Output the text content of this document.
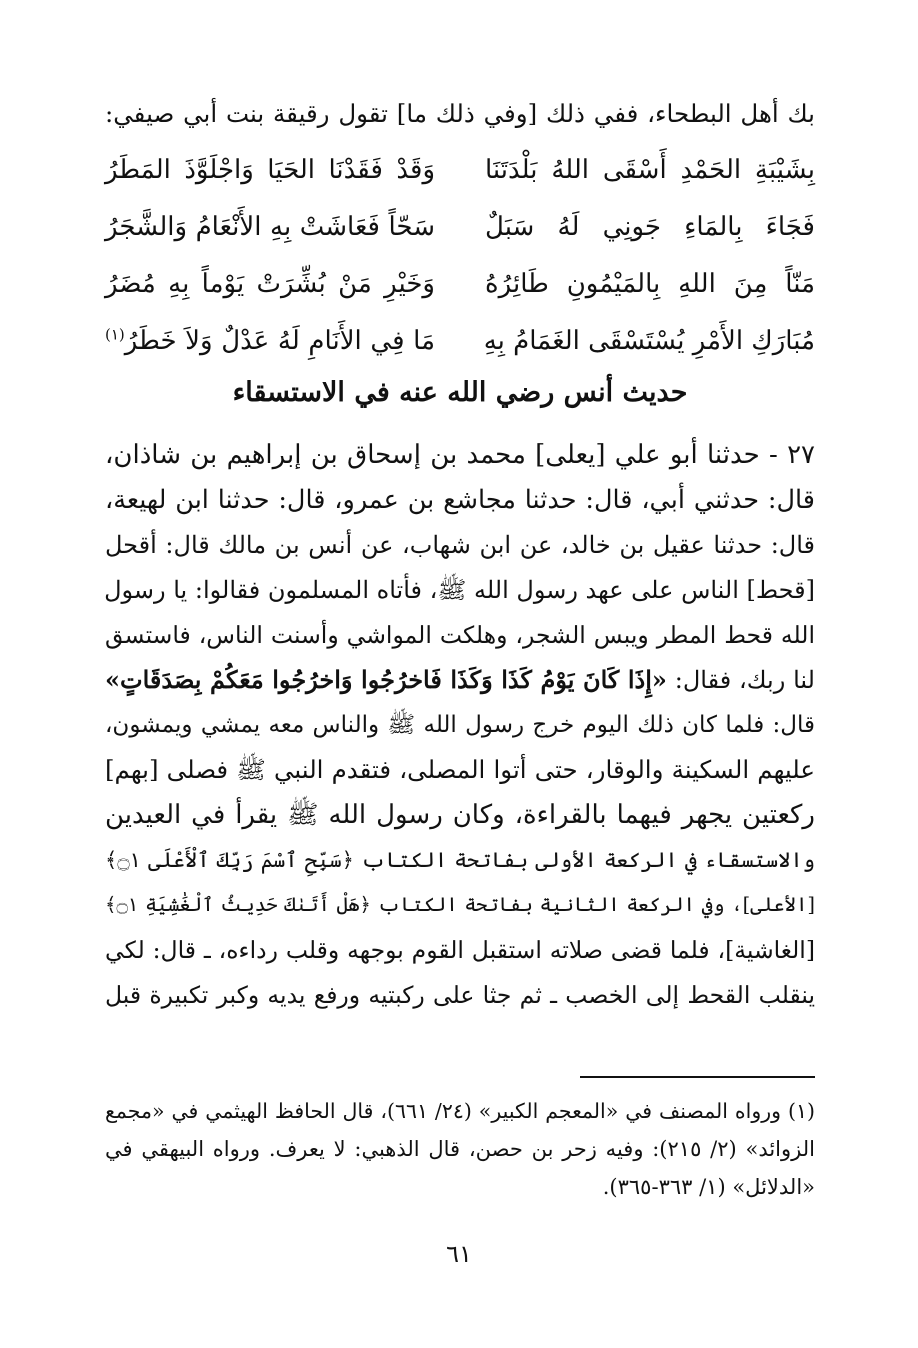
بك أهل البطحاء، ففي ذلك [وفي ذلك ما] تقول رقيقة بنت أبي صيفي:
بِشَيْبَةِ الحَمْدِ أَسْقَى اللهُ بَلْدَتَنَا
وَقَدْ فَقَدْنَا الحَيَا وَاجْلَوَّذَ المَطَرُ
فَجَاءَ بِالمَاءِ جَونِي لَهُ سَبَلٌ
سَحّاً فَعَاشَتْ بِهِ الأَنْعَامُ وَالشَّجَرُ
مَنّاً مِنَ اللهِ بِالمَيْمُونِ طَائِرُهُ
وَخَيْرِ مَنْ بُشِّرَتْ يَوْماً بِهِ مُضَرُ
مُبَارَكِ الأَمْرِ يُسْتَسْقَى الغَمَامُ بِهِ
مَا فِي الأَنَامِ لَهُ عَدْلٌ وَلاَ خَطَرُ$^{(١)}$
حديث أنس رضي الله عنه في الاستسقاء
٢٧ - حدثنا أبو علي [يعلى] محمد بن إسحاق بن إبراهيم بن شاذان،
قال: حدثني أبي، قال: حدثنا مجاشع بن عمرو، قال: حدثنا ابن لهيعة،
قال: حدثنا عقيل بن خالد، عن ابن شهاب، عن أنس بن مالك قال: أقحل
[قحط] الناس على عهد رسول الله ﷺ، فأتاه المسلمون فقالوا: يا رسول
الله قحط المطر ويبس الشجر، وهلكت المواشي وأسنت الناس، فاستسق
لنا ربك، فقال: «إِذَا كَانَ يَوْمُ كَذَا وَكَذَا فَاخرُجُوا وَاخرُجُوا مَعَكُمْ بِصَدَقَاتٍ»
قال: فلما كان ذلك اليوم خرج رسول الله ﷺ والناس معه يمشي ويمشون،
عليهم السكينة والوقار، حتى أتوا المصلى، فتقدم النبي ﷺ فصلى [بهم]
ركعتين يجهر فيهما بالقراءة، وكان رسول الله ﷺ يقرأ في العيدين
والاستسقاء في الركعة الأولى بفاتحة الكتاب ﴿سَبِّحِ ٱسْمَ رَبِّكَ ٱلْأَعْلَى ۝١﴾
[الأعلى]، وفي الركعة الثانية بفاتحة الكتاب ﴿هَلْ أَتَىٰكَ حَدِيثُ ٱلْغَٰشِيَةِ ۝١﴾
[الغاشية]، فلما قضى صلاته استقبل القوم بوجهه وقلب رداءه، ـ قال: لكي
ينقلب القحط إلى الخصب ـ ثم جثا على ركبتيه ورفع يديه وكبر تكبيرة قبل
(١) ورواه المصنف في «المعجم الكبير» (٢٤/ ٦٦١)، قال الحافظ الهيثمي في «مجمع
الزوائد» (٢/ ٢١٥): وفيه زحر بن حصن، قال الذهبي: لا يعرف. ورواه البيهقي في
«الدلائل» (١/ ٣٦٣-٣٦٥).
٦١
